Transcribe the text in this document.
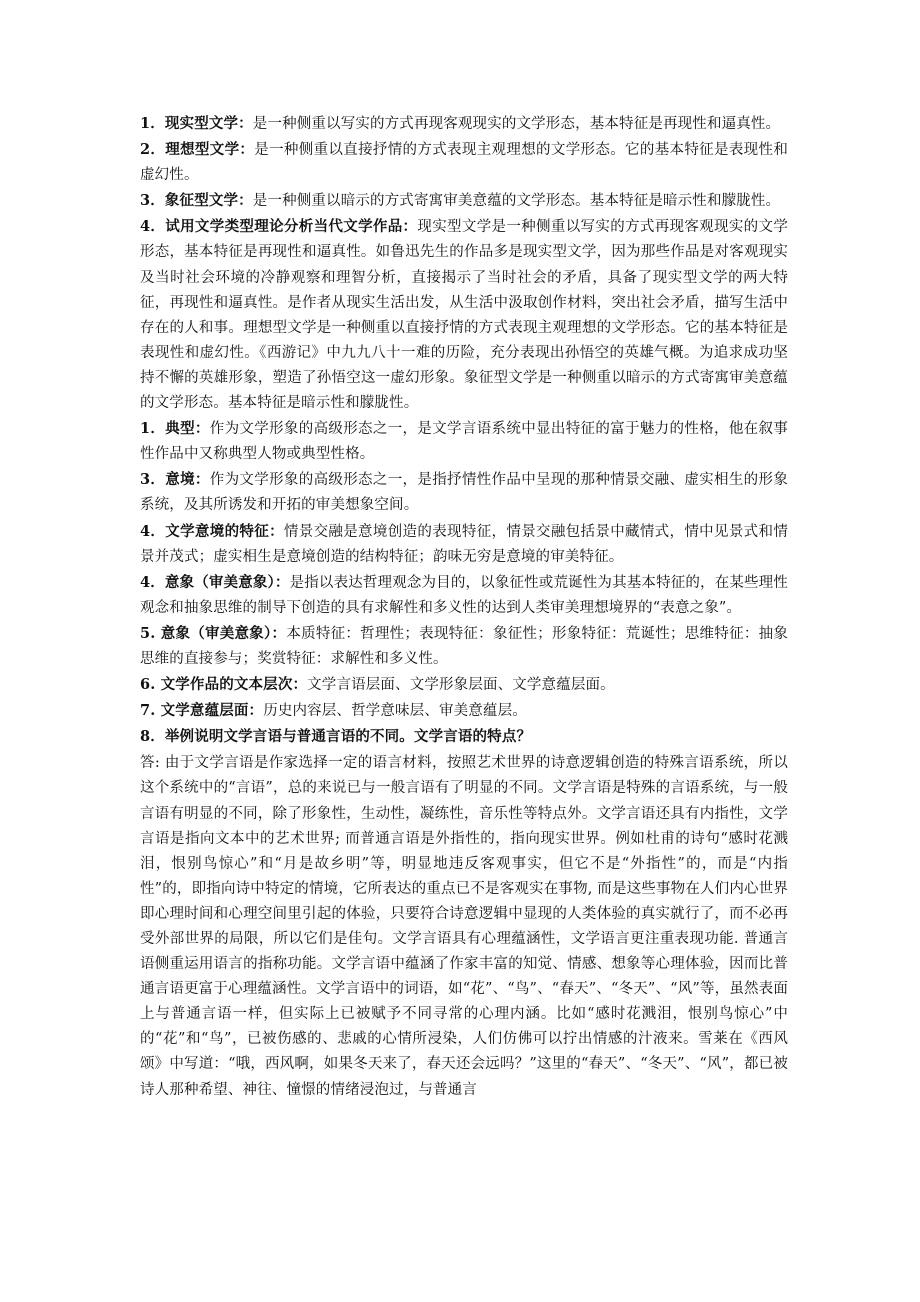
1．现实型文学：是一种侧重以写实的方式再现客观现实的文学形态，基本特征是再现性和逼真性。

2．理想型文学：是一种侧重以直接抒情的方式表现主观理想的文学形态。它的基本特征是表现性和虚幻性。

3．象征型文学：是一种侧重以暗示的方式寄寓审美意蕴的文学形态。基本特征是暗示性和朦胧性。

4．试用文学类型理论分析当代文学作品：现实型文学是一种侧重以写实的方式再现客观现实的文学形态，基本特征是再现性和逼真性。如鲁迅先生的作品多是现实型文学，因为那些作品是对客观现实及当时社会环境的冷静观察和理智分析，直接揭示了当时社会的矛盾，具备了现实型文学的两大特征，再现性和逼真性。是作者从现实生活出发，从生活中汲取创作材料，突出社会矛盾，描写生活中存在的人和事。理想型文学是一种侧重以直接抒情的方式表现主观理想的文学形态。它的基本特征是表现性和虚幻性。《西游记》中九九八十一难的历险，充分表现出孙悟空的英雄气概。为追求成功坚持不懈的英雄形象，塑造了孙悟空这一虚幻形象。象征型文学是一种侧重以暗示的方式寄寓审美意蕴的文学形态。基本特征是暗示性和朦胧性。

1．典型：作为文学形象的高级形态之一，是文学言语系统中显出特征的富于魅力的性格，他在叙事性作品中又称典型人物或典型性格。

3．意境：作为文学形象的高级形态之一，是指抒情性作品中呈现的那种情景交融、虚实相生的形象系统，及其所诱发和开拓的审美想象空间。

4．文学意境的特征：情景交融是意境创造的表现特征，情景交融包括景中藏情式，情中见景式和情景并茂式；虚实相生是意境创造的结构特征；韵味无穷是意境的审美特征。

4．意象（审美意象）：是指以表达哲理观念为目的，以象征性或荒诞性为其基本特征的，在某些理性观念和抽象思维的制导下创造的具有求解性和多义性的达到人类审美理想境界的“表意之象”。

5. 意象（审美意象）：本质特征：哲理性；表现特征：象征性；形象特征：荒诞性；思维特征：抽象思维的直接参与；奖赏特征：求解性和多义性。

6. 文学作品的文本层次：文学言语层面、文学形象层面、文学意蕴层面。

7. 文学意蕴层面：历史内容层、哲学意味层、审美意蕴层。

8．举例说明文学言语与普通言语的不同。文学言语的特点？

答: 由于文学言语是作家选择一定的语言材料，按照艺术世界的诗意逻辑创造的特殊言语系统，所以这个系统中的“言语”，总的来说已与一般言语有了明显的不同。文学言语是特殊的言语系统，与一般言语有明显的不同，除了形象性，生动性，凝练性，音乐性等特点外。文学言语还具有内指性，文学言语是指向文本中的艺术世界; 而普通言语是外指性的，指向现实世界。例如杜甫的诗句“感时花溅泪，恨别鸟惊心”和“月是故乡明”等，明显地违反客观事实，但它不是“外指性”的，而是“内指性”的，即指向诗中特定的情境，它所表达的重点已不是客观实在事物, 而是这些事物在人们内心世界即心理时间和心理空间里引起的体验，只要符合诗意逻辑中显现的人类体验的真实就行了，而不必再受外部世界的局限，所以它们是佳句。文学言语具有心理蕴涵性，文学语言更注重表现功能. 普通言语侧重运用语言的指称功能。文学言语中蕴涵了作家丰富的知觉、情感、想象等心理体验，因而比普通言语更富于心理蕴涵性。文学言语中的词语，如“花”、“鸟”、“春天”、“冬天”、“风”等，虽然表面上与普通言语一样，但实际上已被赋予不同寻常的心理内涵。比如“感时花溅泪，恨别鸟惊心”中的“花”和“鸟”，已被伤感的、悲戚的心情所浸染，人们仿佛可以拧出情感的汁液来。雪莱在《西风颂》中写道：“哦，西风啊，如果冬天来了，春天还会远吗？”这里的“春天”、“冬天”、“风”，都已被诗人那种希望、神往、憧憬的情绪浸泡过，与普通言
